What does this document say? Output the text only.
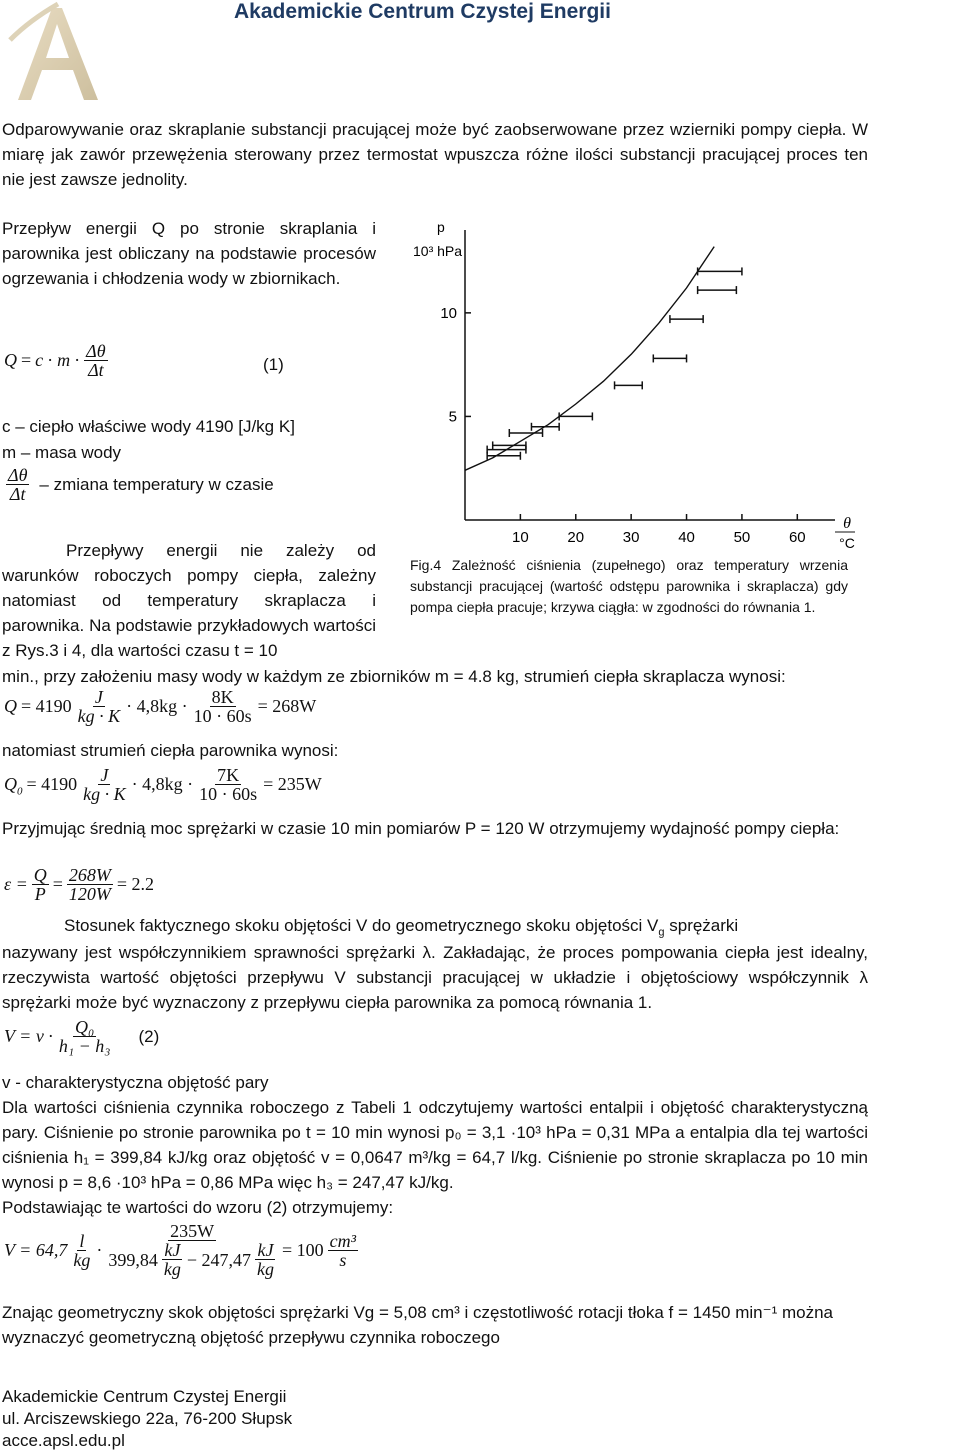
Akademickie Centrum Czystej Energii
Odparowywanie oraz skraplanie substancji pracującej może być zaobserwowane przez wzierniki pompy ciepła. W miarę jak zawór przewężenia sterowany przez termostat wpuszcza różne ilości substancji pracującej proces ten nie jest zawsze jednolity.
Przepływ energii Q po stronie skraplania i parownika jest obliczany na podstawie procesów ogrzewania i chłodzenia wody w zbiornikach.
$Q = c \cdot m \cdot \frac{\Delta\theta}{\Delta t}$	(1)
c – ciepło właściwe wody 4190 [J/kg K]
m – masa wody
$\frac{\Delta\theta}{\Delta t}$ – zmiana temperatury w czasie
Przepływy energii nie zależy od warunków roboczych pompy ciepła, zależny natomiast od temperatury skraplacza i parownika. Na podstawie przykładowych wartości z Rys.3 i 4, dla wartości czasu t = 10
min., przy założeniu masy wody w każdym ze zbiorników m = 4.8 kg, strumień ciepła skraplacza wynosi:
10	20	30	40	50	60
5
10
p
10³ hPa
θ
°C
Fig.4 Zależność ciśnienia (zupełnego) oraz temperatury wrzenia substancji pracującej (wartość odstępu parownika i skraplacza) gdy pompa ciepła pracuje; krzywa ciągła: w zgodności do równania 1.
$Q = 4190 \frac{J}{kg \cdot K} \cdot 4,8kg \cdot \frac{8K}{10 \cdot 60s} = 268W$
natomiast strumień ciepła parownika wynosi:
$Q_0 = 4190 \frac{J}{kg \cdot K} \cdot 4,8kg \cdot \frac{7K}{10 \cdot 60s} = 235W$
Przyjmując średnią moc sprężarki w czasie 10 min pomiarów P = 120 W otrzymujemy wydajność pompy ciepła:
$\varepsilon = \frac{Q}{P} = \frac{268W}{120W} = 2.2$
Stosunek faktycznego skoku objętości V do geometrycznego skoku objętości $V_g$ sprężarki
nazywany jest współczynnikiem sprawności sprężarki λ. Zakładając, że proces pompowania ciepła jest idealny, rzeczywista wartość objętości przepływu V substancji pracującej w układzie i objętościowy współczynnik λ sprężarki może być wyznaczony z przepływu ciepła parownika za pomocą równania 1.
$V = v \cdot \frac{\text{Q₀}}{\text{h₁ − h₃}} (2)$
v - charakterystyczna objętość pary
Dla wartości ciśnienia czynnika roboczego z Tabeli 1 odczytujemy wartości entalpii i objętość charakterystyczną pary. Ciśnienie po stronie parownika po t = 10 min wynosi p₀ = 3,1 ·10³ hPa = 0,31 MPa a entalpia dla tej wartości ciśnienia h₁ = 399,84 kJ/kg oraz objętość v = 0,0647 m³/kg = 64,7 l/kg. Ciśnienie po stronie skraplacza po 10 min wynosi p = 8,6 ·10³ hPa = 0,86 MPa więc h₃ = 247,47 kJ/kg.
Podstawiając te wartości do wzoru (2) otrzymujemy:
$V = 64,7 \frac{l}{kg} \cdot \frac{235W}{399,84 \frac{kJ}{kg} - 247,47 \frac{kJ}{kg}} = 100 \frac{\text{cm³}}{s}$
Znając geometryczny skok objętości sprężarki Vg = 5,08 cm³ i częstotliwość rotacji tłoka f = 1450 min⁻¹ można wyznaczyć geometryczną objętość przepływu czynnika roboczego
Akademickie Centrum Czystej Energii
ul. Arciszewskiego 22a, 76-200 Słupsk
acce.apsl.edu.pl
